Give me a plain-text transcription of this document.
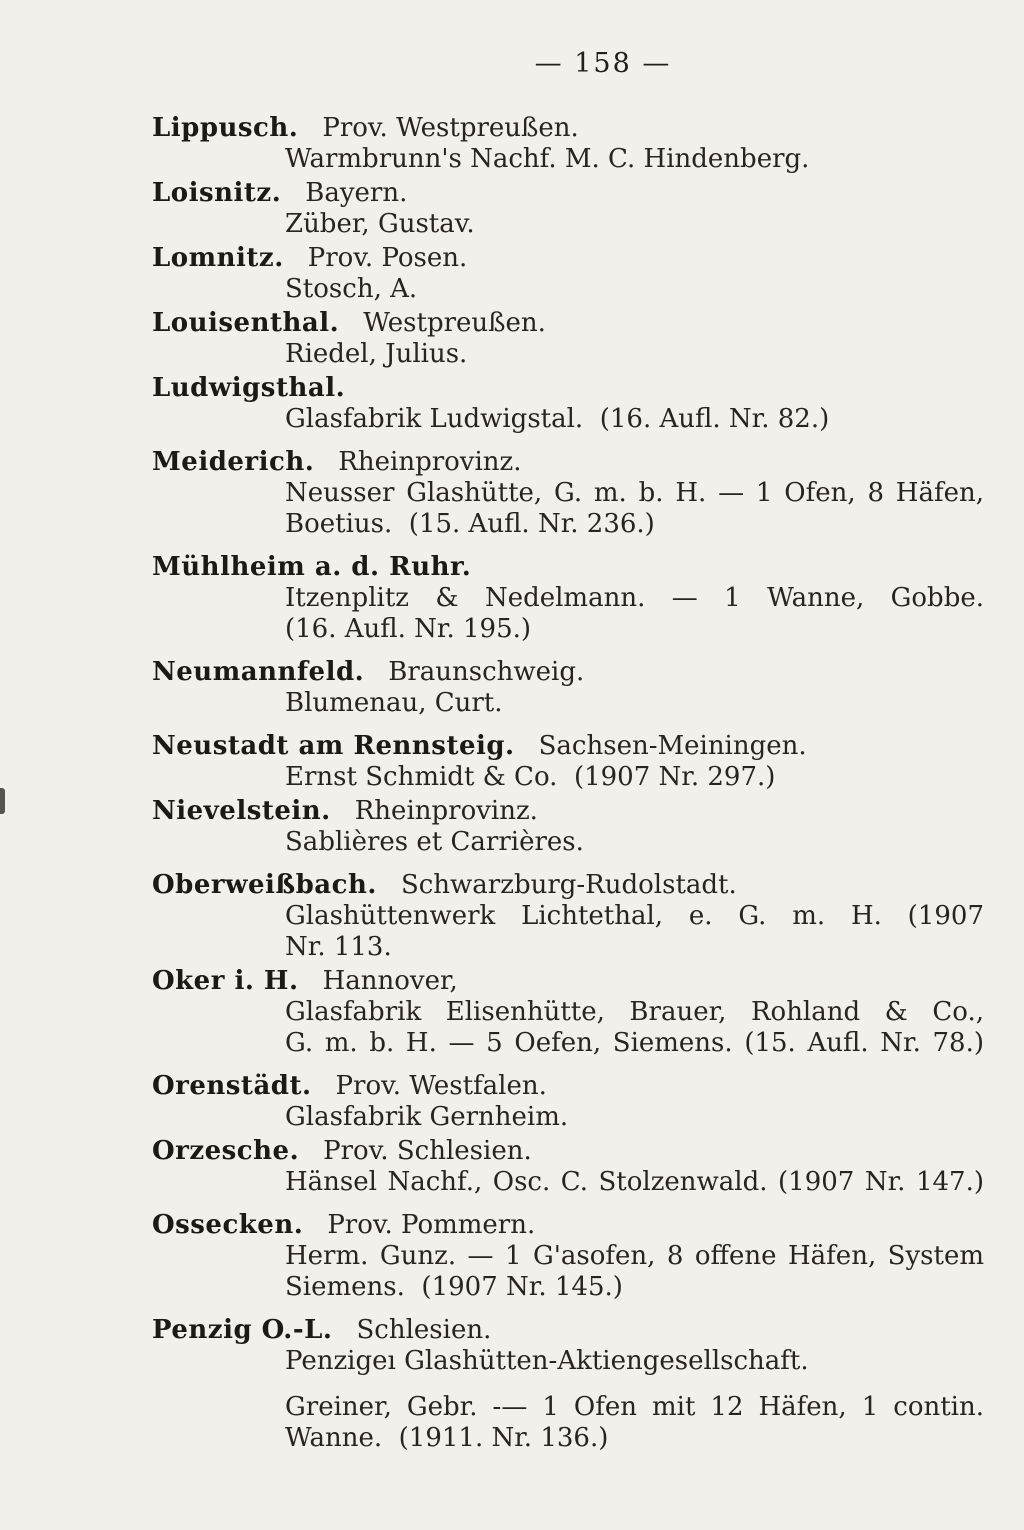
— 158 —
Lippusch. Prov. Westpreußen.
Warmbrunn's Nachf. M. C. Hindenberg.
Loisnitz. Bayern.
Züber, Gustav.
Lomnitz. Prov. Posen.
Stosch, A.
Louisenthal. Westpreußen.
Riedel, Julius.
Ludwigsthal.
Glasfabrik Ludwigstal.  (16. Aufl. Nr. 82.)
Meiderich. Rheinprovinz.
Neusser Glashütte, G. m. b. H. — 1 Ofen, 8 Häfen,
Boetius.  (15. Aufl. Nr. 236.)
Mühlheim a. d. Ruhr.
Itzenplitz & Nedelmann. — 1 Wanne, Gobbe.
(16. Aufl. Nr. 195.)
Neumannfeld. Braunschweig.
Blumenau, Curt.
Neustadt am Rennsteig. Sachsen-Meiningen.
Ernst Schmidt & Co.  (1907 Nr. 297.)
Nievelstein. Rheinprovinz.
Sablières et Carrières.
Oberweißbach. Schwarzburg-Rudolstadt.
Glashüttenwerk Lichtethal, e. G. m. H. (1907
Nr. 113.
Oker i. H. Hannover,
Glasfabrik Elisenhütte, Brauer, Rohland & Co.,
G. m. b. H. — 5 Oefen, Siemens. (15. Aufl. Nr. 78.)
Orenstädt. Prov. Westfalen.
Glasfabrik Gernheim.
Orzesche. Prov. Schlesien.
Hänsel Nachf., Osc. C. Stolzenwald. (1907 Nr. 147.)
Ossecken. Prov. Pommern.
Herm. Gunz. — 1 G'asofen, 8 offene Häfen, System
Siemens.  (1907 Nr. 145.)
Penzig O.-L. Schlesien.
Penzigeı Glashütten-Aktiengesellschaft.
Greiner, Gebr. -— 1 Ofen mit 12 Häfen, 1 contin.
Wanne.  (1911. Nr. 136.)
